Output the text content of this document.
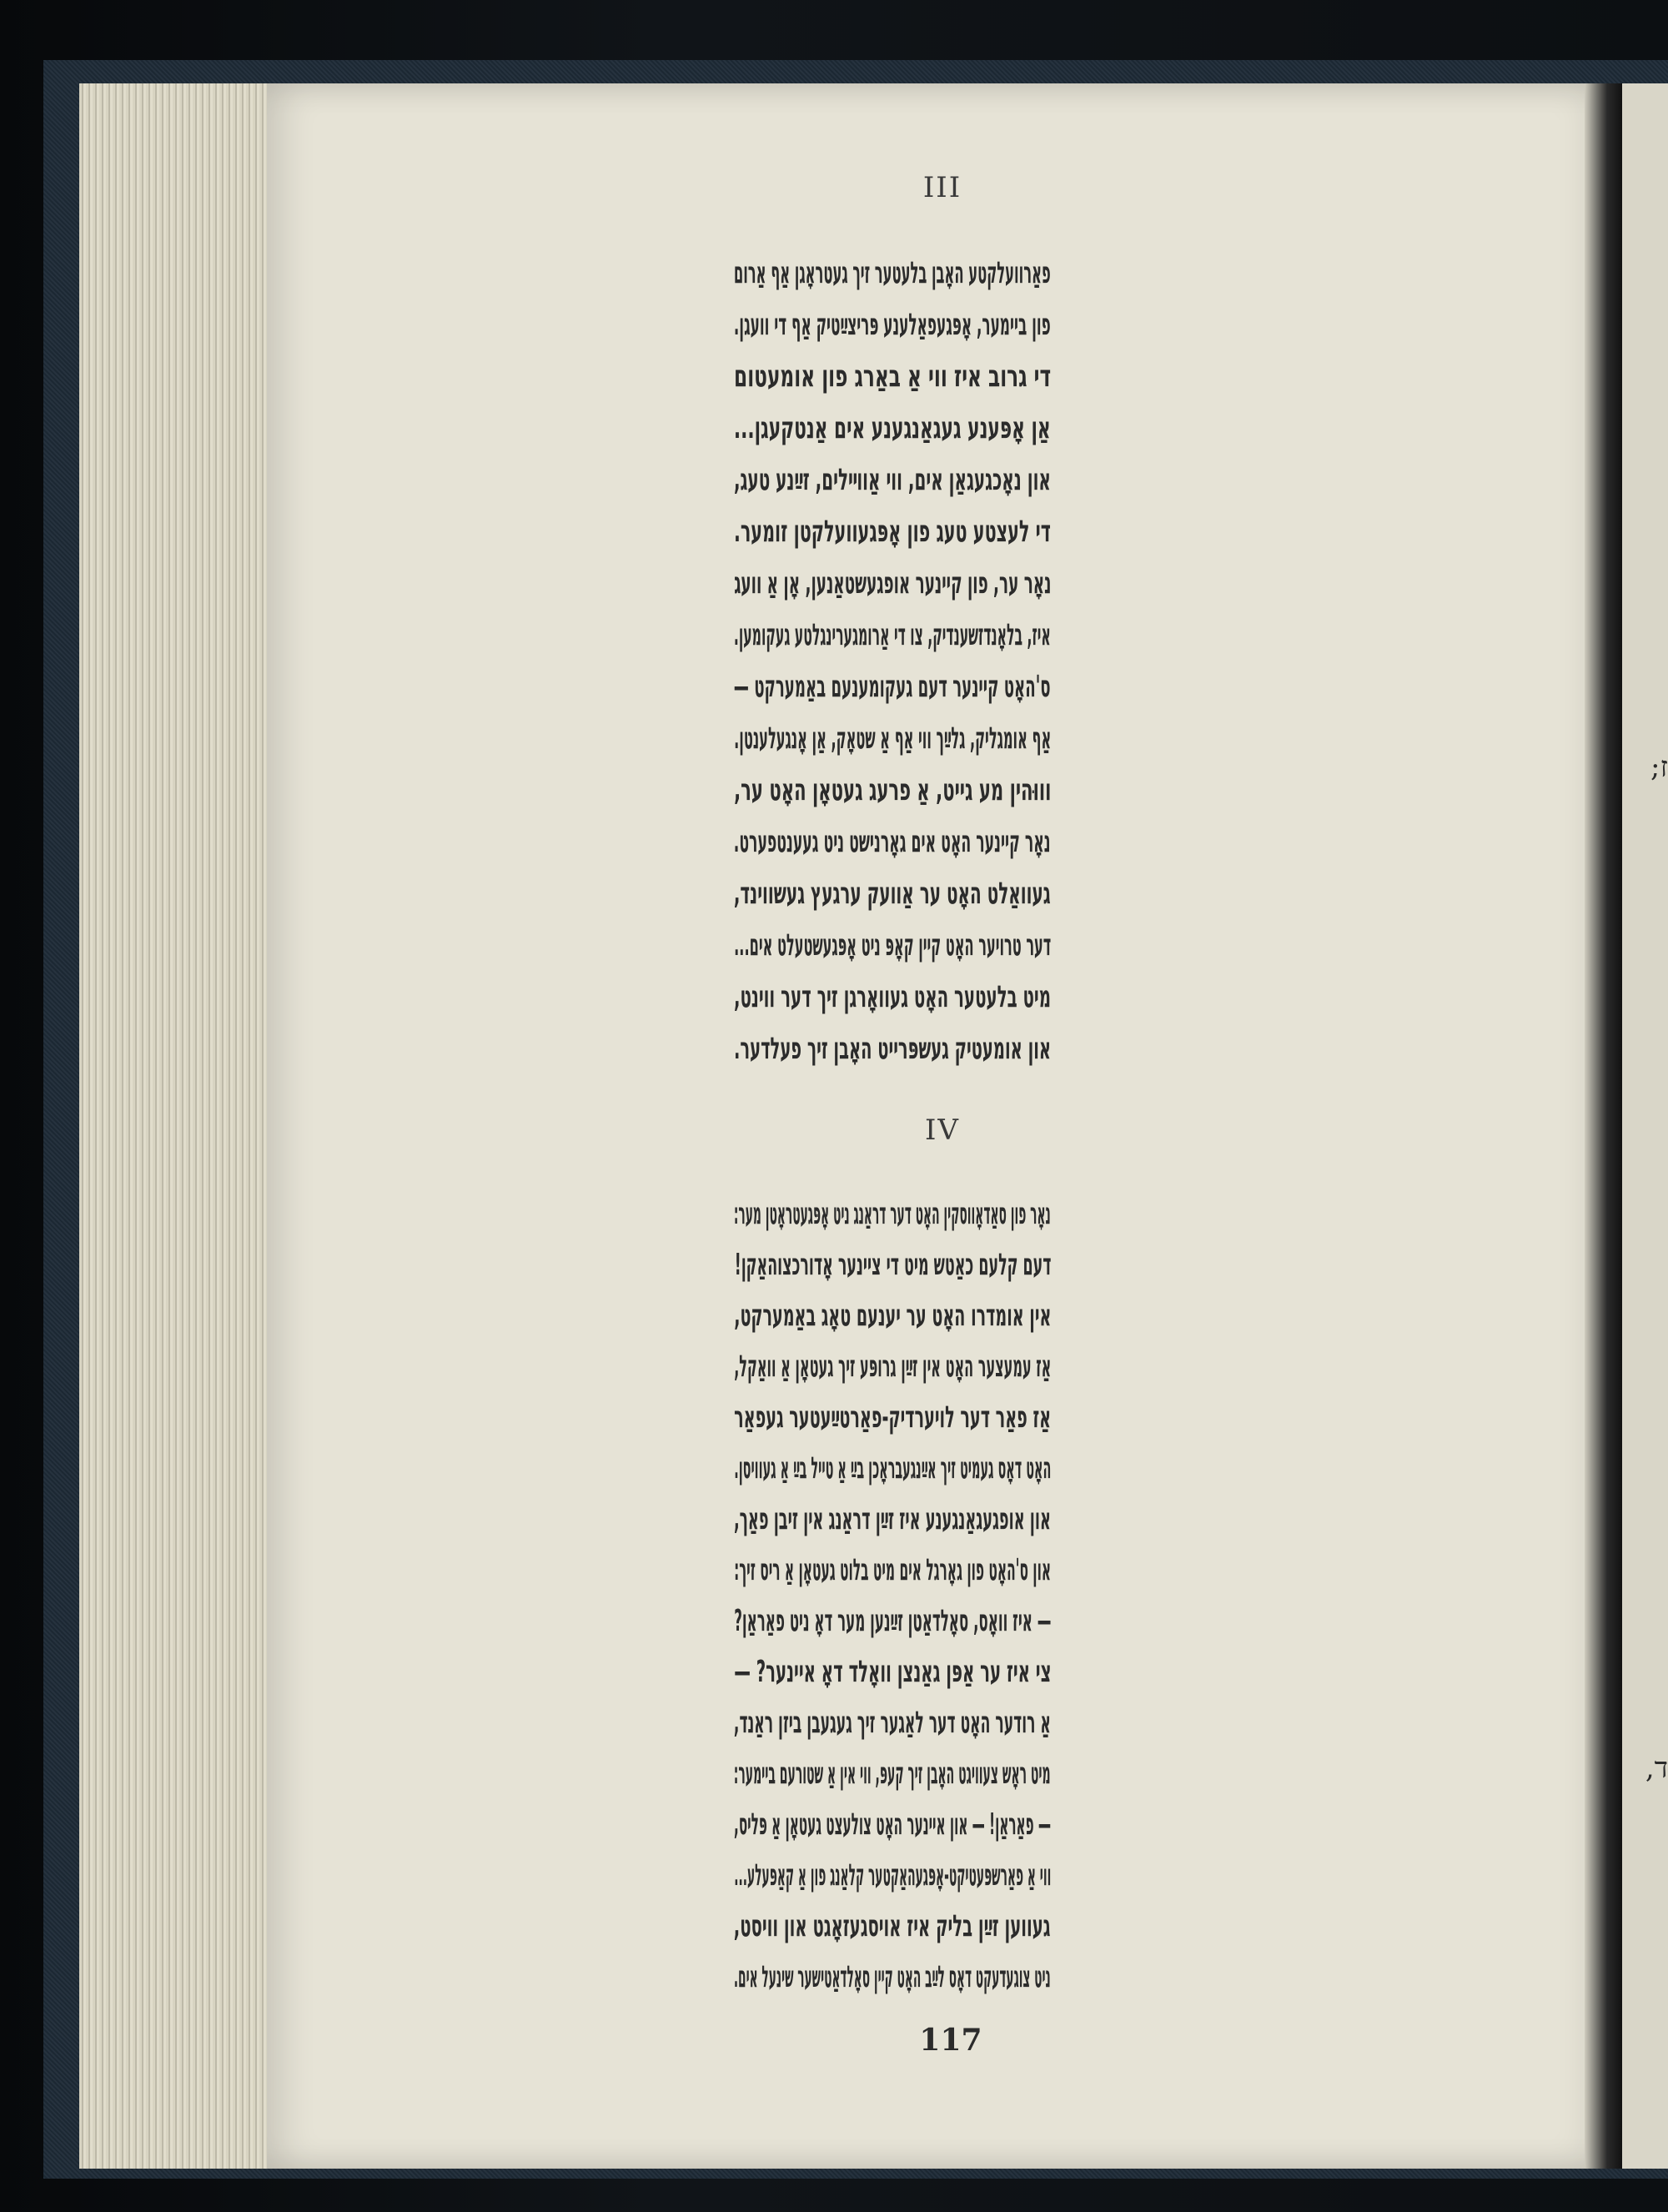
;ז
,ד
III
פאַרוועלקטע האָבן בלעטער זיך געטראָגן אַף אַרום
פון ביימער, אָפּגעפאַלענע פּריצײַטיק אַף די וועגן.
די גרוב איז ווי אַ באַרג פון אומעטום
אַן אָפּענע געגאַנגענע אים אַנטקעגן...
און נאָכגעגאַן אים, ווי אַווײלים, זײַנע טעג,
די לעצטע טעג פון אָפּגעוועלקטן זומער.
נאָר ער, פון קיינער אופגעשטאַנען, אָן אַ וועג
איז, בלאָנדזשענדיק, צו די אַרומגערינגלטע געקומען.
ס'האָט קיינער דעם געקומענעם באַמערקט —
אַף אומגליק, גלײַך ווי אַף אַ שטאָק, אַן אָנגעלענטן.
וווּהין מע גייט, אַ פרעג געטאָן האָט ער,
נאָר קיינער האָט אים גאָרנישט ניט געענטפערט.
געוואַלט האָט ער אַוועק ערגעץ געשווינד,
דער טרויער האָט קיין קאָפּ ניט אָפּגעשטעלט אים...
מיט בלעטער האָט געוואָרגן זיך דער ווינט,
און אומעטיק געשפּרייט האָבן זיך פעלדער.
IV
נאָר פון סאַדאָווסקין האָט דער דראַנג ניט אָפּגעטראָטן מער:
דעם קלעם כאַטש מיט די ציינער אָדורכצוהאַקן!
אין אומדרו האָט ער יענעם טאָג באַמערקט,
אַז עמעצער האָט אין זײַן גרופּע זיך געטאָן אַ וואַקל,
אַז פאַר דער לויערדיק-פאַרטײַעטער געפאַר
האָט דאָס געמיט זיך אײַנגעבראָכן בײַ אַ טייל בײַ אַ געוויסן.
און אופגעגאַנגענע איז זײַן דראַנג אין זיבן פאַך,
און ס'האָט פון גאָרגל אים מיט בלוט געטאָן אַ ריס זיך:
— איז וואָס, סאָלדאַטן זײַנען מער דאָ ניט פאַראַן?
צי איז ער אַפּן גאַנצן וואָלד דאָ איינער? —
אַ רודער האָט דער לאַגער זיך געגעבן ביזן ראַנד,
מיט ראָש צעוויגט האָבן זיך קעפּ, ווי אין אַ שטורעם ביימער:
— פאַראַן! — און איינער האָט צולעצט געטאָן אַ פּליס,
ווי אַ פאַרשפּעטיקט-אָפּגעהאַקטער קלאַנג פון אַ קאַפּעלע...
געווען זײַן בליק איז אויסגעזאָגט און וויסט,
ניט צוגעדעקט דאָס לײַב האָט קיין סאָלדאַטישער שינעל אים.
117
